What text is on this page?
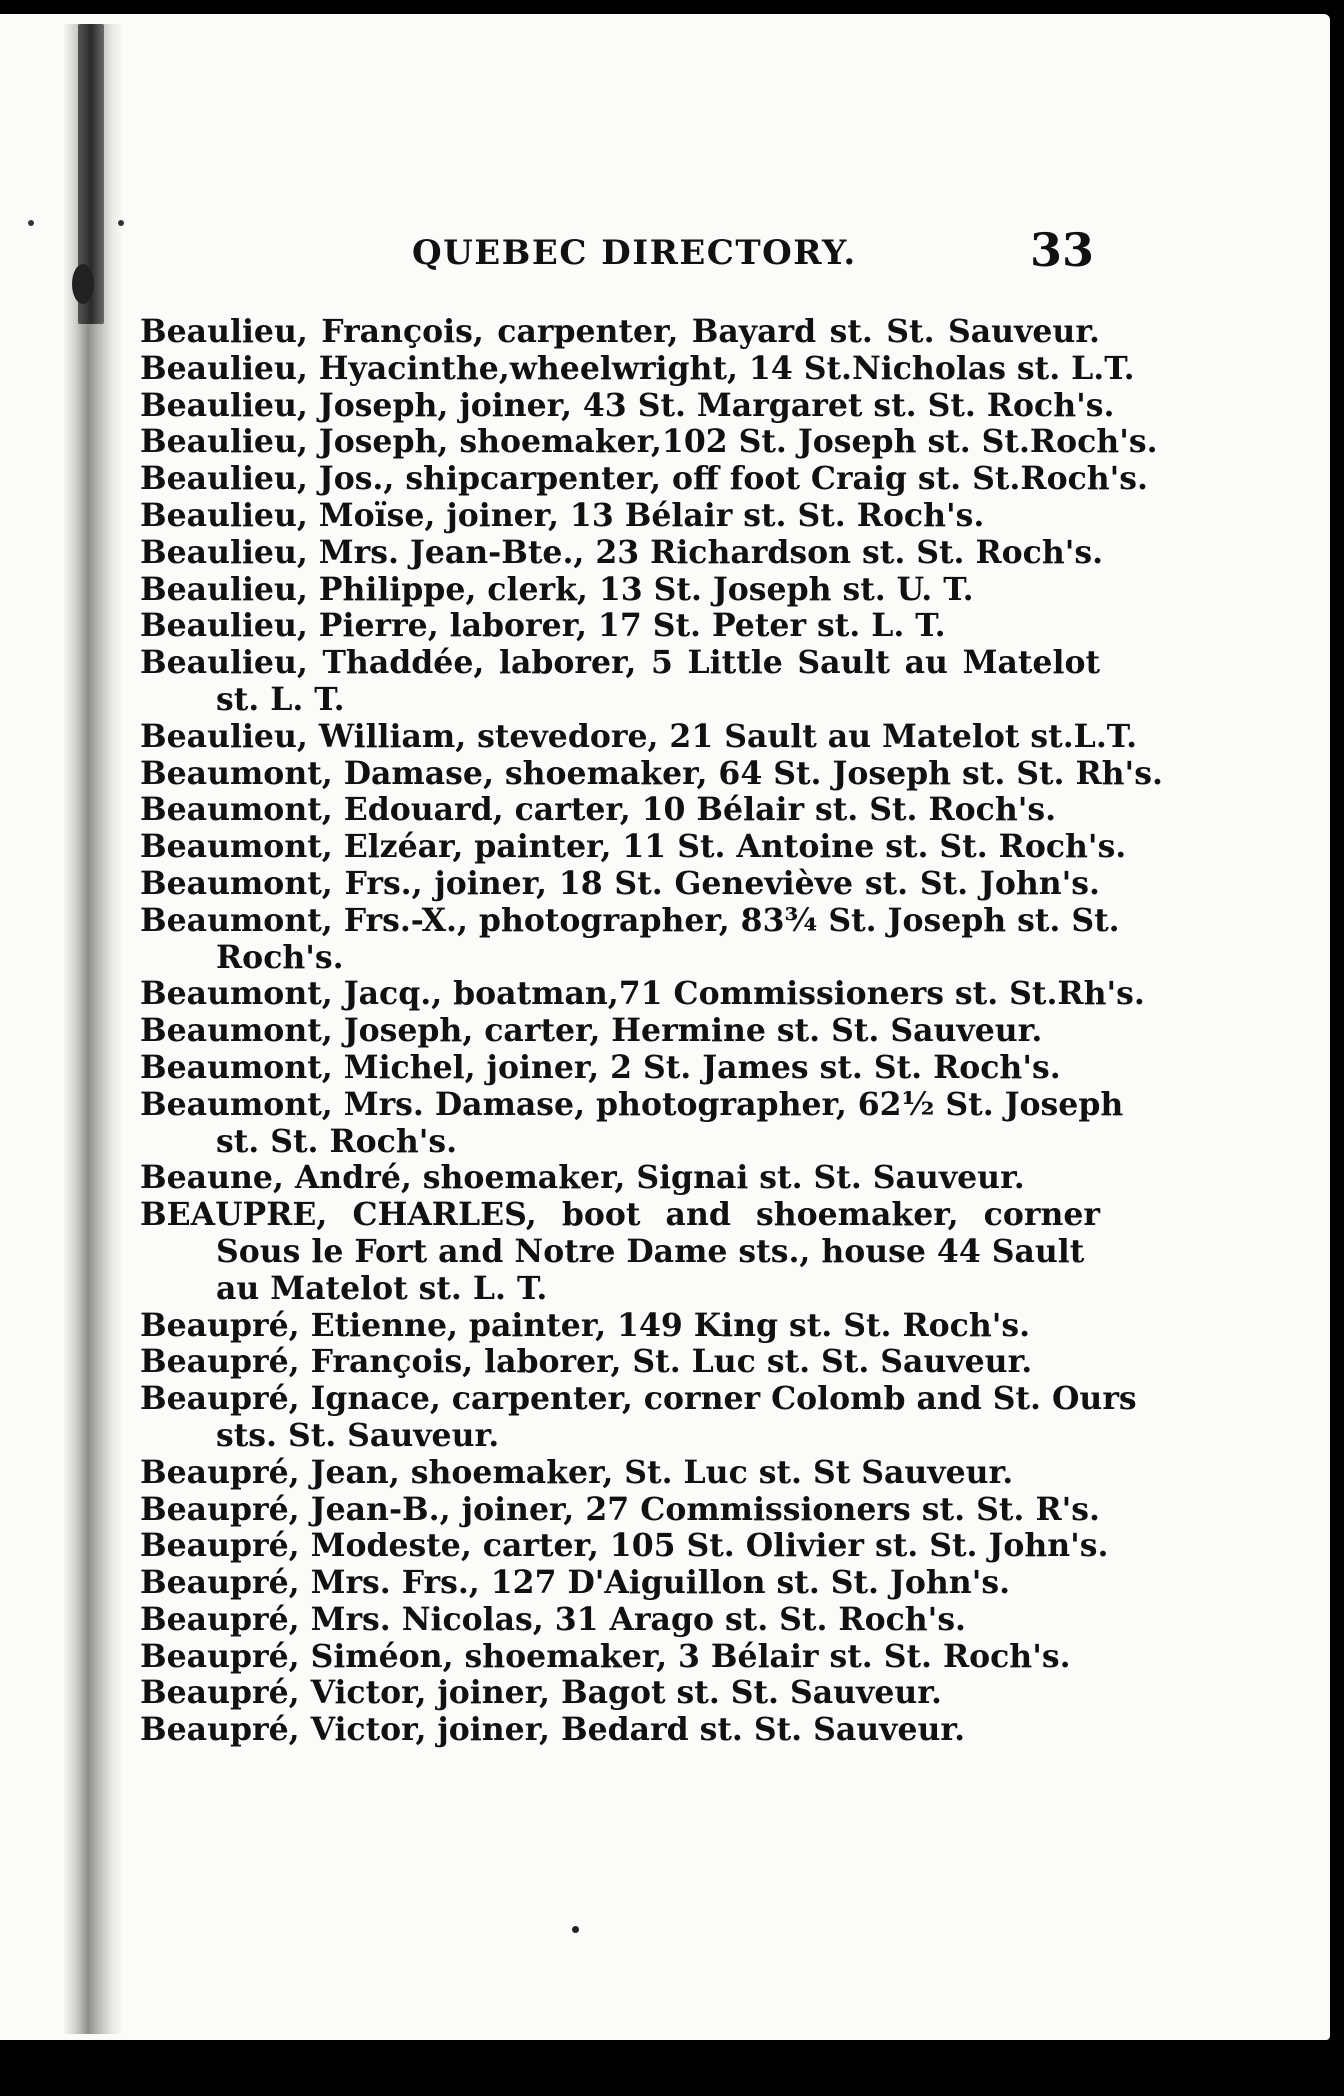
QUEBEC DIRECTORY.	33
Beaulieu, François, carpenter, Bayard st. St. Sauveur.
Beaulieu, Hyacinthe,wheelwright, 14 St.Nicholas st. L.T.
Beaulieu, Joseph, joiner, 43 St. Margaret st. St. Roch's.
Beaulieu, Joseph, shoemaker,102 St. Joseph st. St.Roch's.
Beaulieu, Jos., shipcarpenter, off foot Craig st. St.Roch's.
Beaulieu, Moïse, joiner, 13 Bélair st. St. Roch's.
Beaulieu, Mrs. Jean-Bte., 23 Richardson st. St. Roch's.
Beaulieu, Philippe, clerk, 13 St. Joseph st. U. T.
Beaulieu, Pierre, laborer, 17 St. Peter st. L. T.
Beaulieu, Thaddée, laborer, 5 Little Sault au Matelot
st. L. T.
Beaulieu, William, stevedore, 21 Sault au Matelot st.L.T.
Beaumont, Damase, shoemaker, 64 St. Joseph st. St. Rh's.
Beaumont, Edouard, carter, 10 Bélair st. St. Roch's.
Beaumont, Elzéar, painter, 11 St. Antoine st. St. Roch's.
Beaumont, Frs., joiner, 18 St. Geneviève st. St. John's.
Beaumont, Frs.-X., photographer, 83¾ St. Joseph st. St.
Roch's.
Beaumont, Jacq., boatman,71 Commissioners st. St.Rh's.
Beaumont, Joseph, carter, Hermine st. St. Sauveur.
Beaumont, Michel, joiner, 2 St. James st. St. Roch's.
Beaumont, Mrs. Damase, photographer, 62½ St. Joseph
st. St. Roch's.
Beaune, André, shoemaker, Signai st. St. Sauveur.
BEAUPRE, CHARLES, boot and shoemaker, corner
Sous le Fort and Notre Dame sts., house 44 Sault
au Matelot st. L. T.
Beaupré, Etienne, painter, 149 King st. St. Roch's.
Beaupré, François, laborer, St. Luc st. St. Sauveur.
Beaupré, Ignace, carpenter, corner Colomb and St. Ours
sts. St. Sauveur.
Beaupré, Jean, shoemaker, St. Luc st. St Sauveur.
Beaupré, Jean-B., joiner, 27 Commissioners st. St. R's.
Beaupré, Modeste, carter, 105 St. Olivier st. St. John's.
Beaupré, Mrs. Frs., 127 D'Aiguillon st. St. John's.
Beaupré, Mrs. Nicolas, 31 Arago st. St. Roch's.
Beaupré, Siméon, shoemaker, 3 Bélair st. St. Roch's.
Beaupré, Victor, joiner, Bagot st. St. Sauveur.
Beaupré, Victor, joiner, Bedard st. St. Sauveur.
